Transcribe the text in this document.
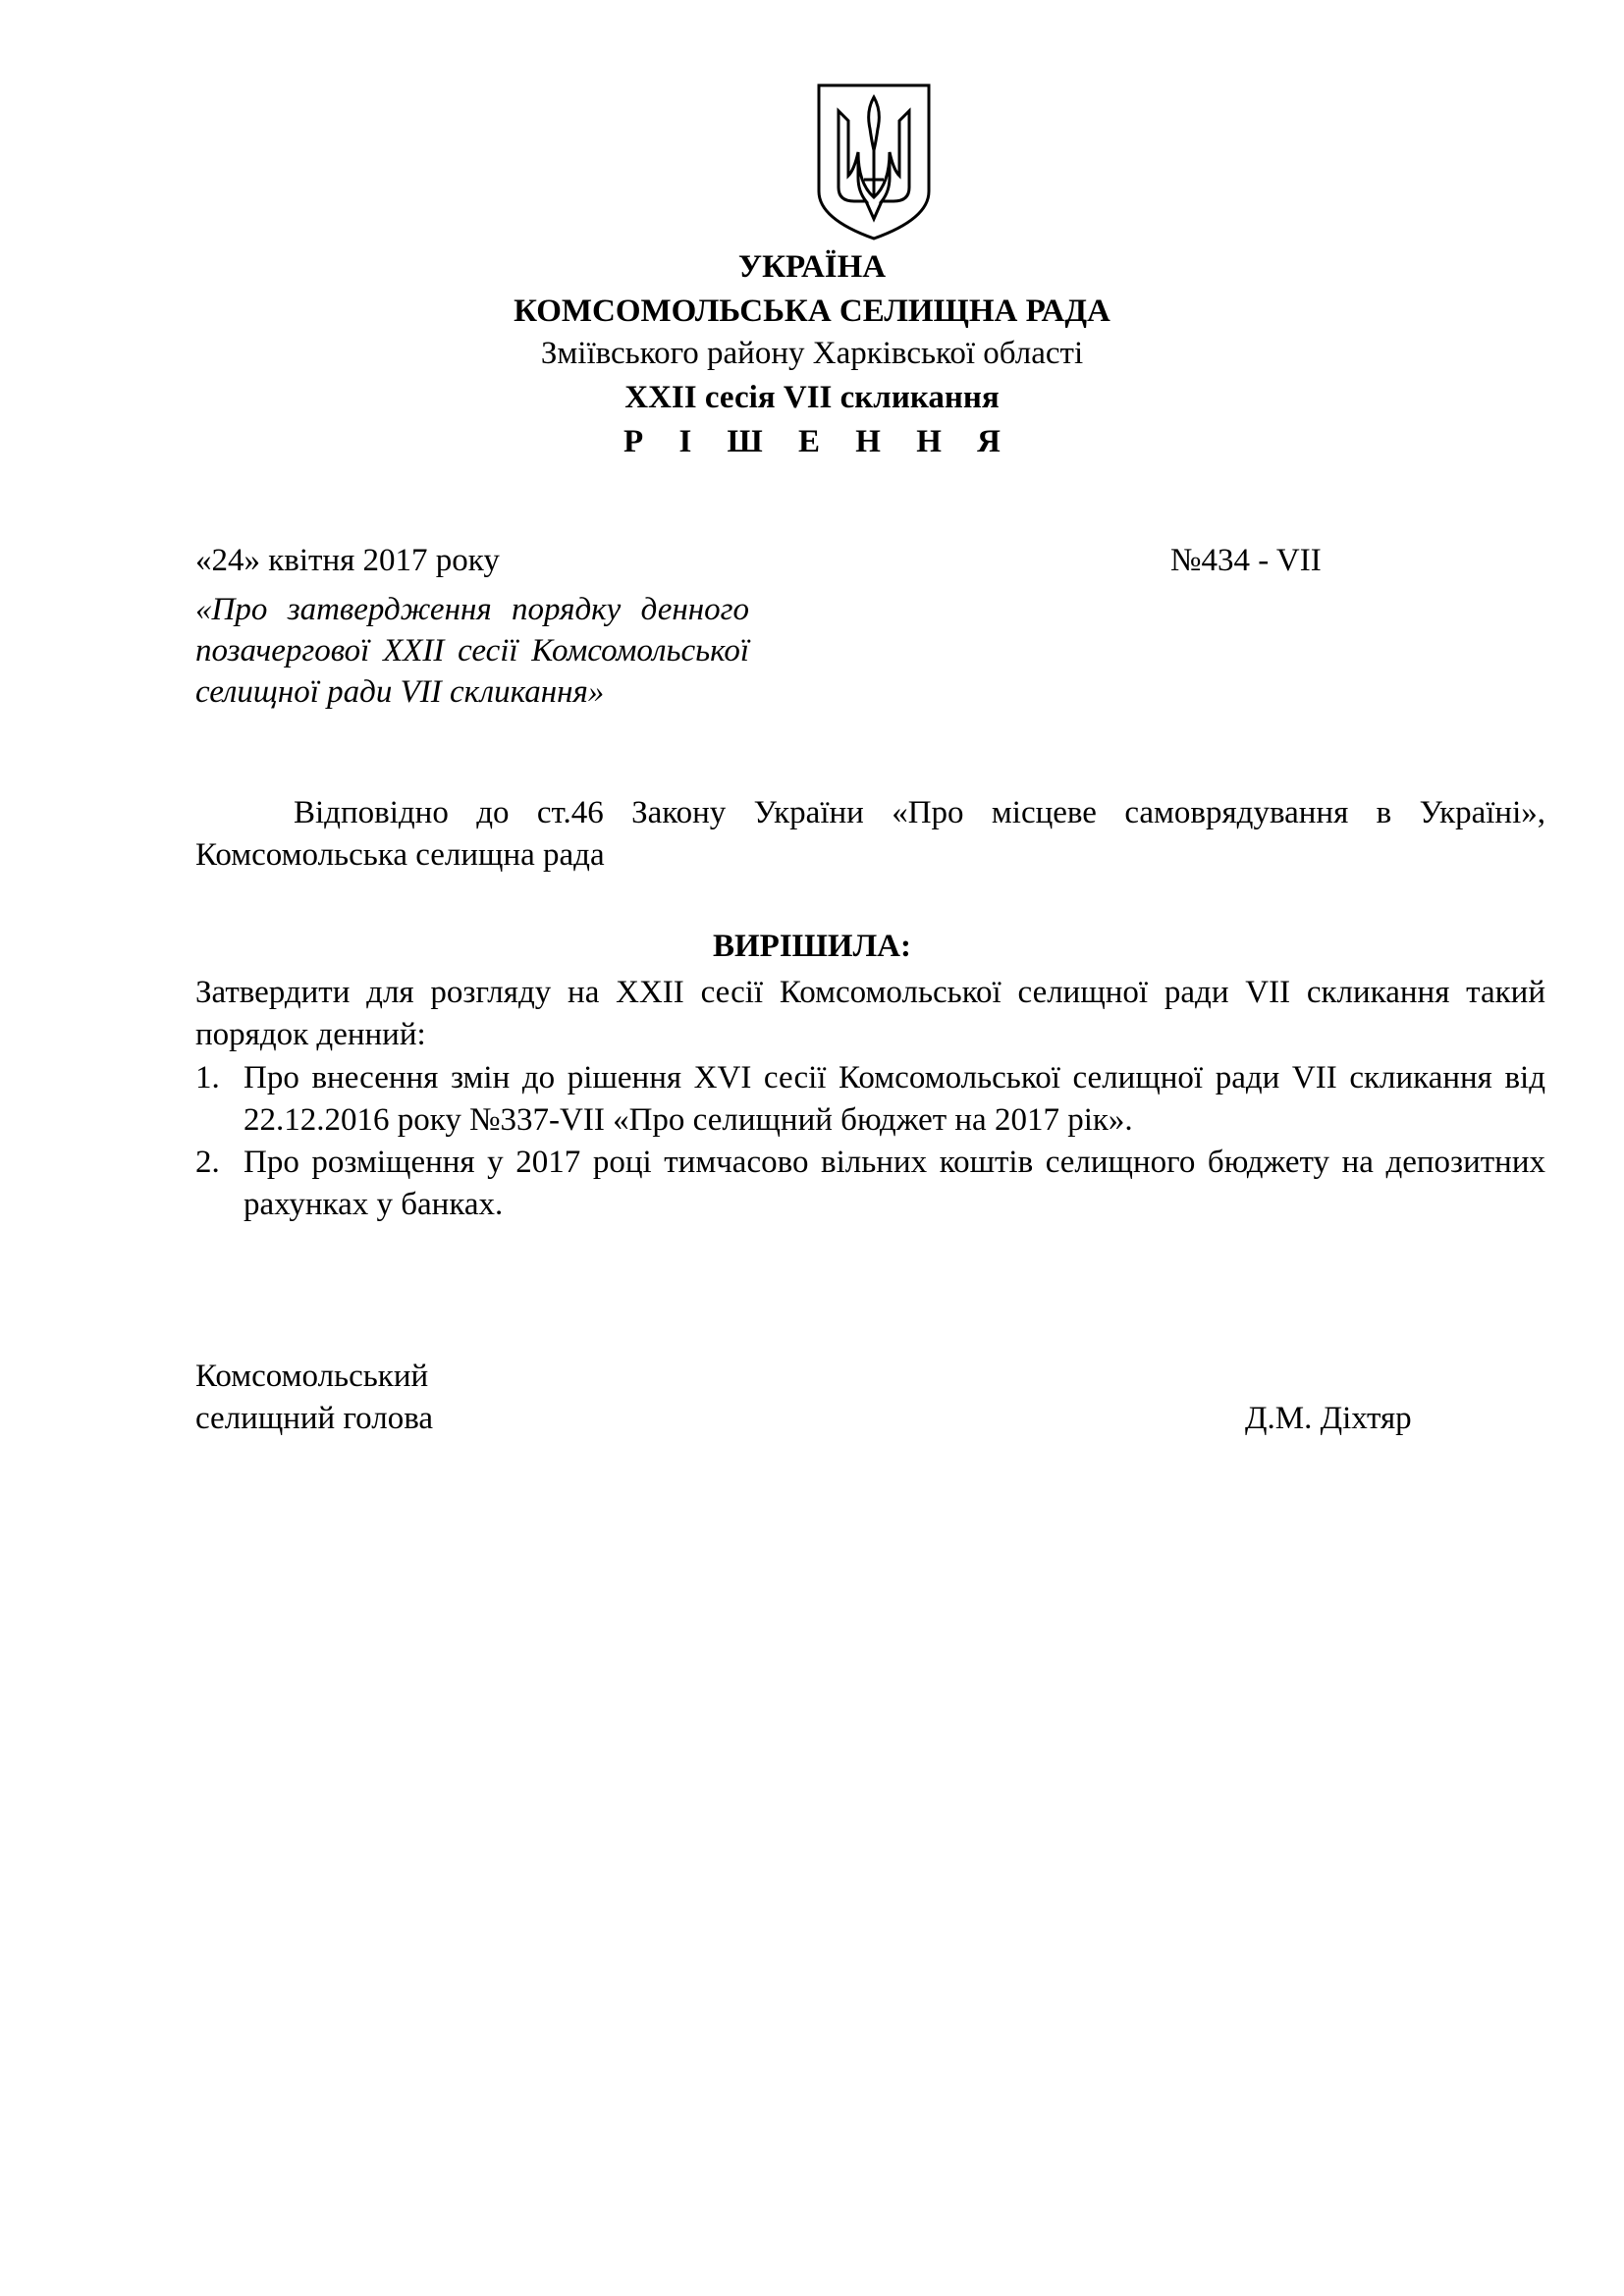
УКРАЇНА
КОМСОМОЛЬСЬКА СЕЛИЩНА РАДА
Зміївського району Харківської області
XXII сесія VII скликання
Р І Ш Е Н Н Я
«24» квітня 2017 року	№434 - VII
«Про затвердження порядку денного позачергової XXII сесії Комсомольської селищної ради VII скликання»
Відповідно до ст.46 Закону України «Про місцеве самоврядування в Україні», Комсомольська селищна рада
ВИРІШИЛА:
Затвердити для розгляду на XXII сесії Комсомольської селищної ради VII скликання такий порядок денний:
1. Про внесення змін до рішення XVI сесії Комсомольської селищної ради VII скликання від 22.12.2016 року №337-VII «Про селищний бюджет на 2017 рік».
2. Про розміщення у 2017 році тимчасово вільних коштів селищного бюджету на депозитних рахунках у банках.
Комсомольський
селищний голова	Д.М. Діхтяр
